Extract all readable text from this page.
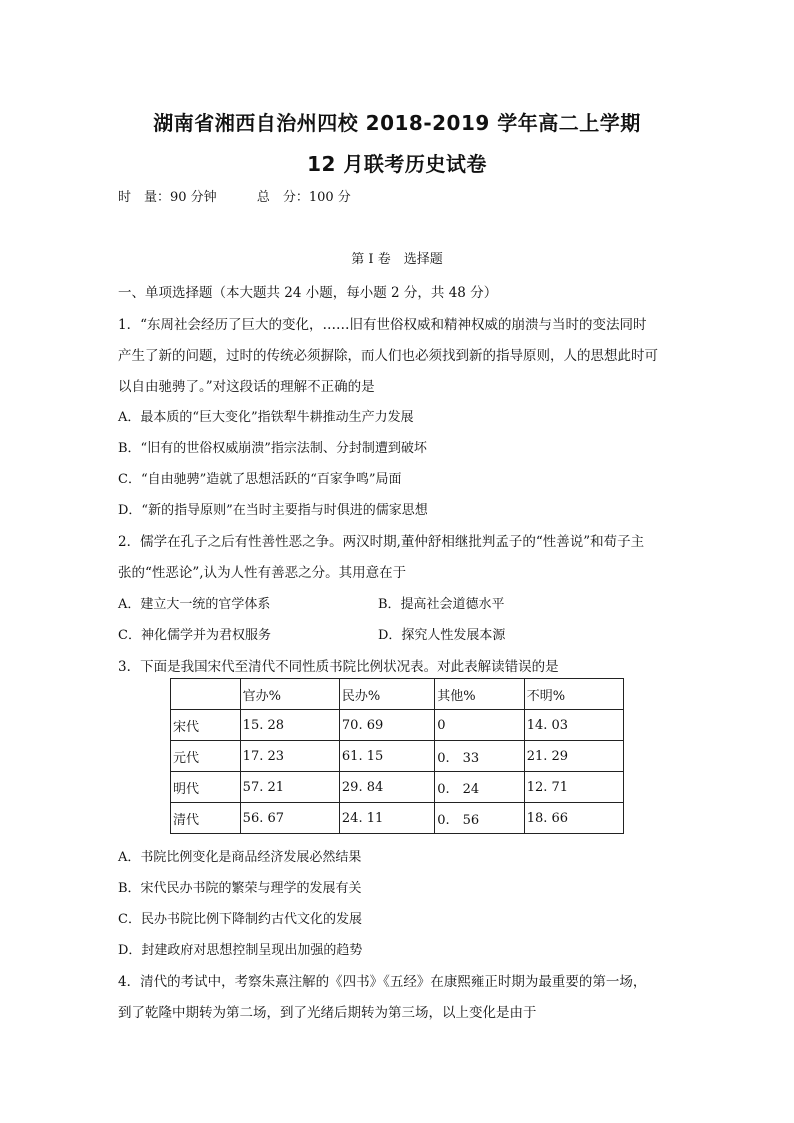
湖南省湘西自治州四校 2018-2019 学年高二上学期
12 月联考历史试卷
时　量：90 分钟	总　分：100 分
第 I 卷　选择题
一、单项选择题（本大题共 24 小题，每小题 2 分，共 48 分）
1．“东周社会经历了巨大的变化，……旧有世俗权威和精神权威的崩溃与当时的变法同时
产生了新的问题，过时的传统必须摒除，而人们也必须找到新的指导原则，人的思想此时可
以自由驰骋了。”对这段话的理解不正确的是
A．最本质的“巨大变化”指铁犁牛耕推动生产力发展
B．“旧有的世俗权威崩溃”指宗法制、分封制遭到破坏
C．“自由驰骋”造就了思想活跃的“百家争鸣”局面
D．“新的指导原则”在当时主要指与时俱进的儒家思想
2．儒学在孔子之后有性善性恶之争。两汉时期,董仲舒相继批判孟子的“性善说”和荀子主
张的“性恶论”,认为人性有善恶之分。其用意在于
A．建立大一统的官学体系	B．提高社会道德水平
C．神化儒学并为君权服务	D．探究人性发展本源
3．下面是我国宋代至清代不同性质书院比例状况表。对此表解读错误的是
	官办%	民办%	其他%	不明%
宋代	15. 28	70. 69	0	14. 03
元代	17. 23	61. 15	0.　33	21. 29
明代	57. 21	29. 84	0.　24	12. 71
清代	56. 67	24. 11	0.　56	18. 66
A．书院比例变化是商品经济发展必然结果
B．宋代民办书院的繁荣与理学的发展有关
C．民办书院比例下降制约古代文化的发展
D．封建政府对思想控制呈现出加强的趋势
4．清代的考试中，考察朱熹注解的《四书》《五经》在康熙雍正时期为最重要的第一场，
到了乾隆中期转为第二场，到了光绪后期转为第三场，以上变化是由于
